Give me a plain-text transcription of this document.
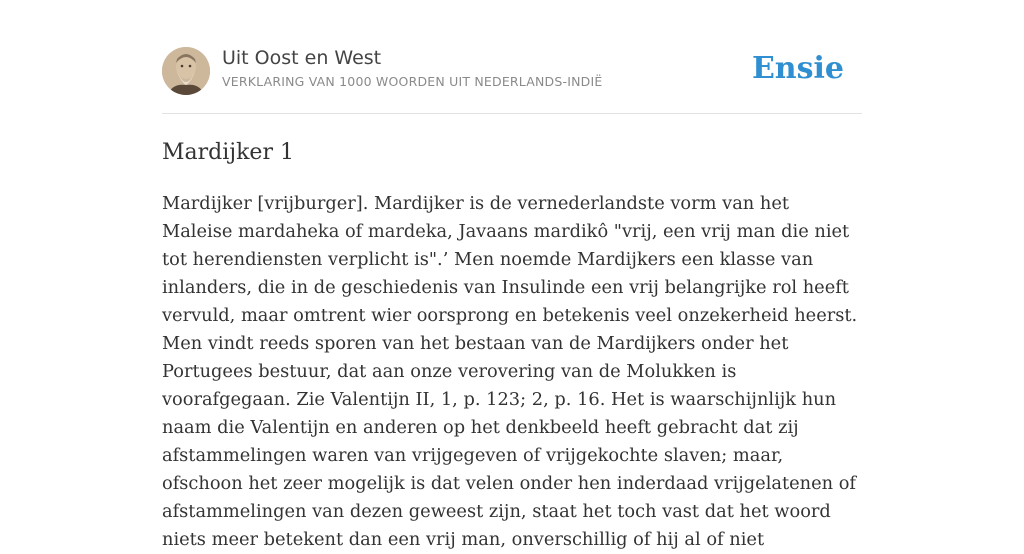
Uit Oost en West
VERKLARING VAN 1000 WOORDEN UIT NEDERLANDS-INDIË	Ensie
Mardijker 1

Mardijker [vrijburger]. Mardijker is de vernederlandste vorm van het Maleise mardaheka of mardeka, Javaans mardikô "vrij, een vrij man die niet tot herendiensten verplicht is".’ Men noemde Mardijkers een klasse van inlanders, die in de geschiedenis van Insulinde een vrij belangrijke rol heeft vervuld, maar omtrent wier oorsprong en betekenis veel onzekerheid heerst. Men vindt reeds sporen van het bestaan van de Mardijkers onder het Portugees bestuur, dat aan onze verovering van de Molukken is voorafgegaan. Zie Valentijn II, 1, p. 123; 2, p. 16. Het is waarschijnlijk hun naam die Valentijn en anderen op het denkbeeld heeft gebracht dat zij afstammelingen waren van vrijgegeven of vrijgekochte slaven; maar, ofschoon het zeer mogelijk is dat velen onder hen inderdaad vrijgelatenen of afstammelingen van dezen geweest zijn, staat het toch vast dat het woord niets meer betekent dan een vrij man, onverschillig of hij al of niet
